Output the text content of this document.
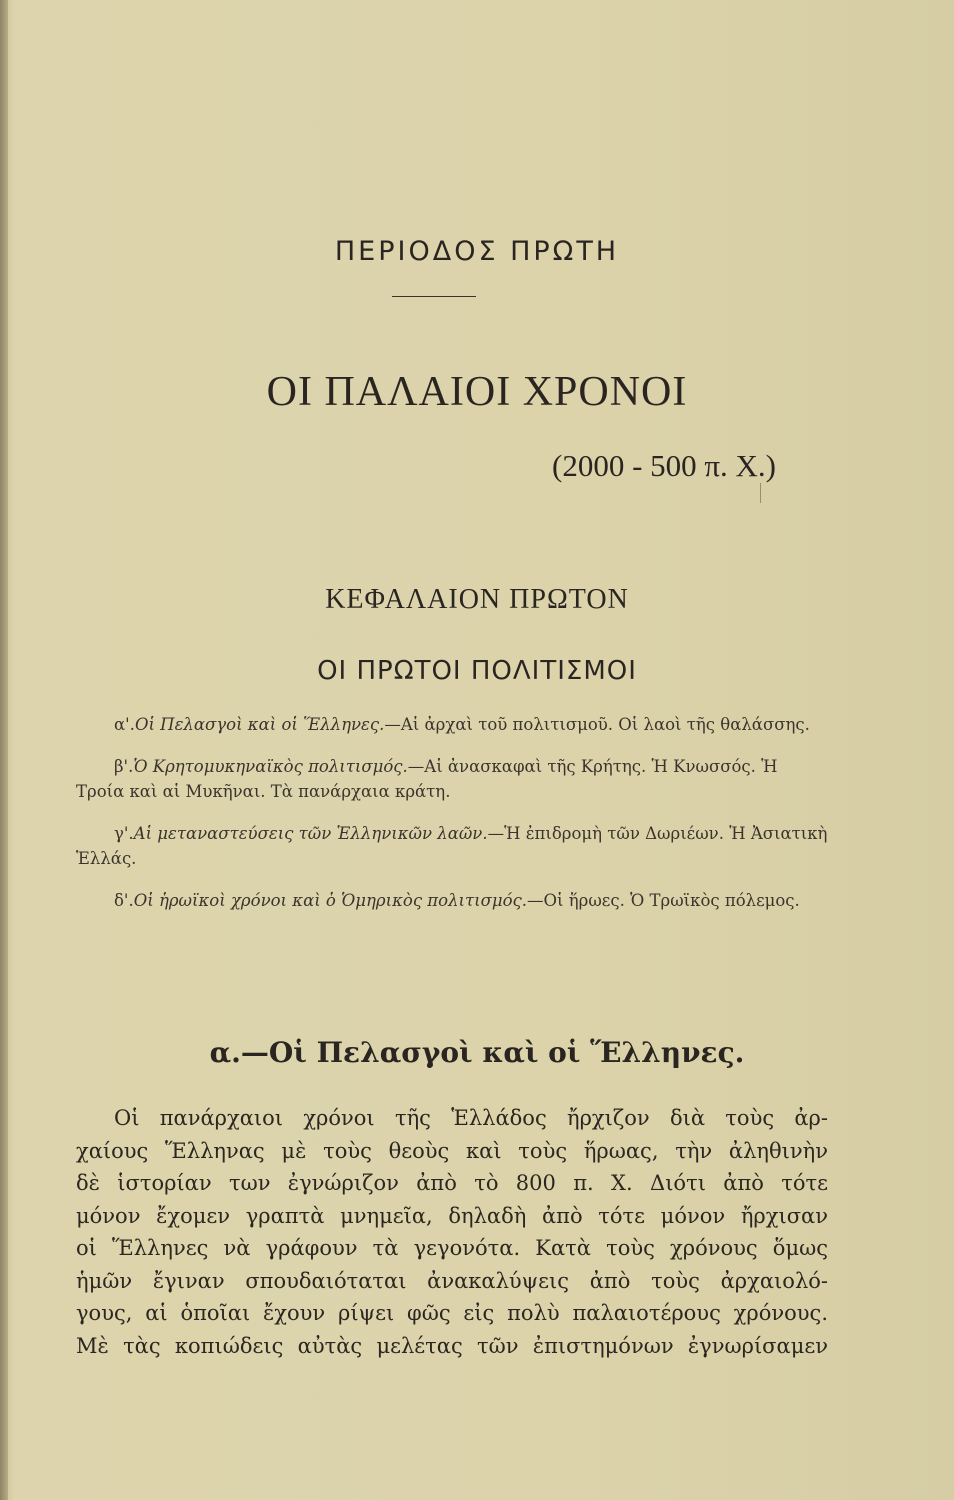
ΠΕΡΙΟΔΟΣ ΠΡΩΤΗ
ΟΙ ΠΑΛΑΙΟΙ ΧΡΟΝΟΙ
(2000 - 500 π. Χ.)
ΚΕΦΑΛΑΙΟΝ ΠΡΩΤΟΝ
ΟΙ ΠΡΩΤΟΙ ΠΟΛΙΤΙΣΜΟΙ

α'.Οἱ Πελασγοὶ καὶ οἱ Ἕλληνες.—Αἱ ἀρχαὶ τοῦ πολιτισμοῦ. Οἱ λαοὶ τῆς θαλάσσης.

β'.Ὁ Κρητομυκηναϊκὸς πολιτισμός.—Αἱ ἀνασκαφαὶ τῆς Κρήτης. Ἡ Κνωσσός. Ἡ Τροία καὶ αἱ Μυκῆναι. Τὰ πανάρχαια κράτη.

γ'.Αἱ μεταναστεύσεις τῶν Ἑλληνικῶν λαῶν.—Ἡ ἐπιδρομὴ τῶν Δωριέων. Ἡ Ἀσιατικὴ Ἑλλάς.

δ'.Οἱ ἡρωϊκοὶ χρόνοι καὶ ὁ Ὁμηρικὸς πολιτισμός.—Οἱ ἥρωες. Ὁ Τρωϊκὸς πόλεμος.

α.—Οἱ Πελασγοὶ καὶ οἱ Ἕλληνες.
Οἱ πανάρχαιοι χρόνοι τῆς Ἑλλάδος ἤρχιζον διὰ τοὺς ἀρ-
χαίους Ἕλληνας μὲ τοὺς θεοὺς καὶ τοὺς ἥρωας, τὴν ἀληθινὴν
δὲ ἱστορίαν των ἐγνώριζον ἀπὸ τὸ 800 π. Χ. Διότι ἀπὸ τότε
μόνον ἔχομεν γραπτὰ μνημεῖα, δηλαδὴ ἀπὸ τότε μόνον ἤρχισαν
οἱ Ἕλληνες νὰ γράφουν τὰ γεγονότα. Κατὰ τοὺς χρόνους ὅμως
ἡμῶν ἔγιναν σπουδαιόταται ἀνακαλύψεις ἀπὸ τοὺς ἀρχαιολό-
γους, αἱ ὁποῖαι ἔχουν ρίψει φῶς εἰς πολὺ παλαιοτέρους χρόνους.
Μὲ τὰς κοπιώδεις αὐτὰς μελέτας τῶν ἐπιστημόνων ἐγνωρίσαμεν
